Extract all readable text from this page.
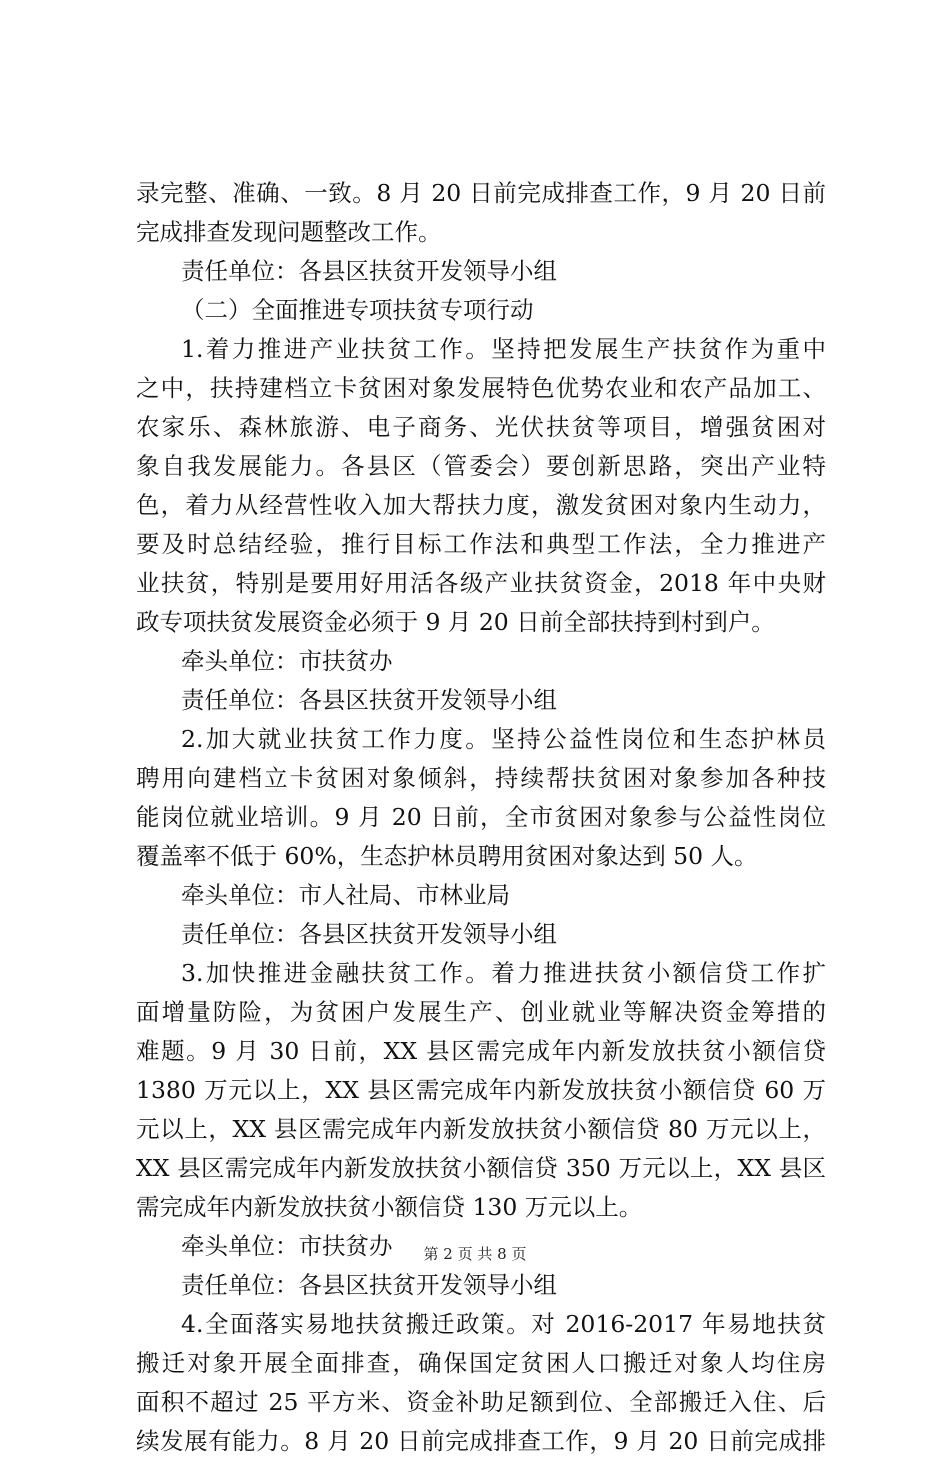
录完整、准确、一致。8 月 20 日前完成排查工作，9 月 20 日前
完成排查发现问题整改工作。
责任单位：各县区扶贫开发领导小组
（二）全面推进专项扶贫专项行动
1.着力推进产业扶贫工作。坚持把发展生产扶贫作为重中
之中，扶持建档立卡贫困对象发展特色优势农业和农产品加工、
农家乐、森林旅游、电子商务、光伏扶贫等项目，增强贫困对
象自我发展能力。各县区（管委会）要创新思路，突出产业特
色，着力从经营性收入加大帮扶力度，激发贫困对象内生动力，
要及时总结经验，推行目标工作法和典型工作法，全力推进产
业扶贫，特别是要用好用活各级产业扶贫资金，2018 年中央财
政专项扶贫发展资金必须于 9 月 20 日前全部扶持到村到户。
牵头单位：市扶贫办
责任单位：各县区扶贫开发领导小组
2.加大就业扶贫工作力度。坚持公益性岗位和生态护林员
聘用向建档立卡贫困对象倾斜，持续帮扶贫困对象参加各种技
能岗位就业培训。9 月 20 日前，全市贫困对象参与公益性岗位
覆盖率不低于 60%，生态护林员聘用贫困对象达到 50 人。
牵头单位：市人社局、市林业局
责任单位：各县区扶贫开发领导小组
3.加快推进金融扶贫工作。着力推进扶贫小额信贷工作扩
面增量防险，为贫困户发展生产、创业就业等解决资金筹措的
难题。9 月 30 日前，XX 县区需完成年内新发放扶贫小额信贷
1380 万元以上，XX 县区需完成年内新发放扶贫小额信贷 60 万
元以上，XX 县区需完成年内新发放扶贫小额信贷 80 万元以上，
XX 县区需完成年内新发放扶贫小额信贷 350 万元以上，XX 县区
需完成年内新发放扶贫小额信贷 130 万元以上。
牵头单位：市扶贫办
责任单位：各县区扶贫开发领导小组
4.全面落实易地扶贫搬迁政策。对 2016-2017 年易地扶贫
搬迁对象开展全面排查，确保国定贫困人口搬迁对象人均住房
面积不超过 25 平方米、资金补助足额到位、全部搬迁入住、后
续发展有能力。8 月 20 日前完成排查工作，9 月 20 日前完成排
第 2 页 共 8 页
